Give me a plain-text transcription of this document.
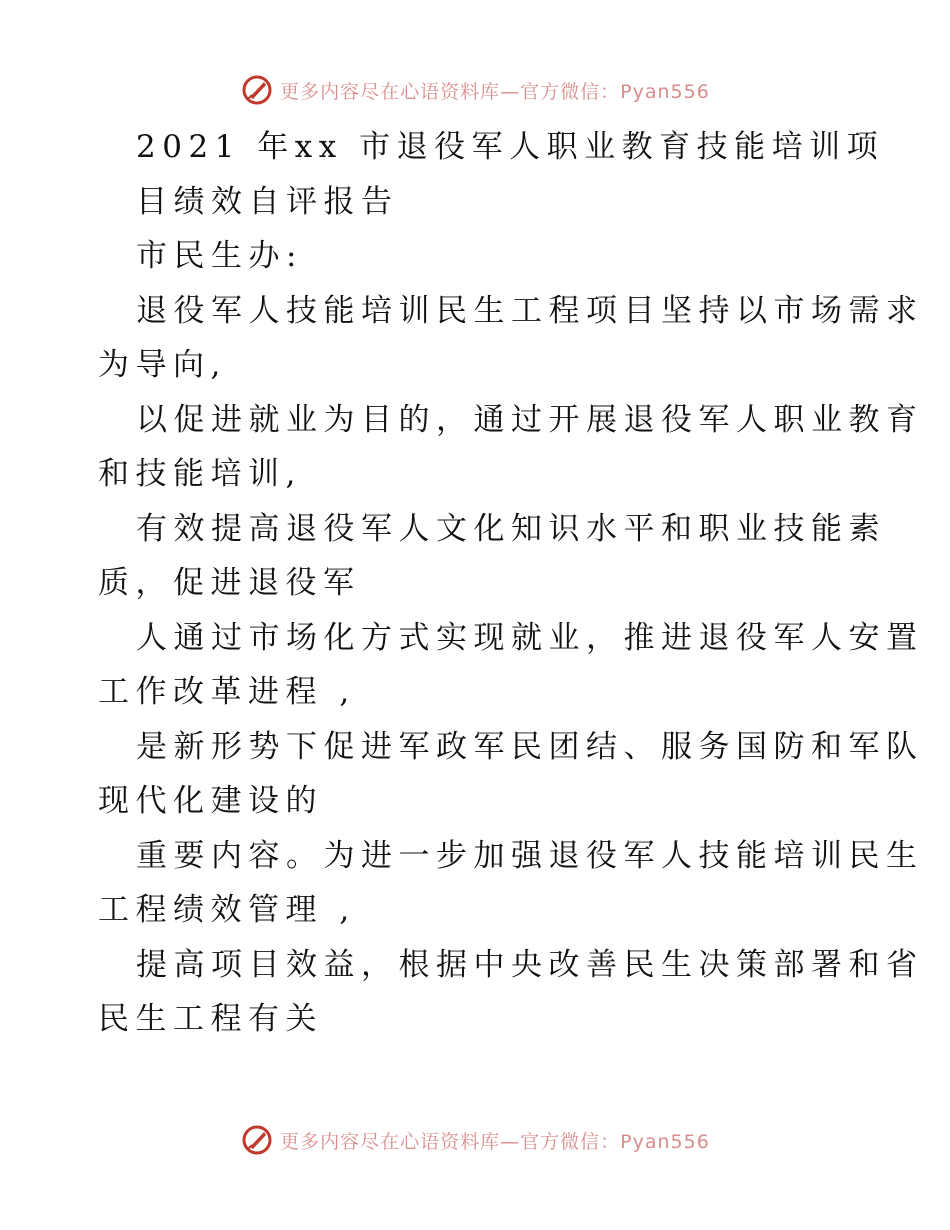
更多内容尽在心语资料库—官方微信：Pyan556
2021 年xx 市退役军人职业教育技能培训项
目绩效自评报告
市民生办:
退役军人技能培训民生工程项目坚持以市场需求
为导向,
以促进就业为目的，通过开展退役军人职业教育
和技能培训,
有效提高退役军人文化知识水平和职业技能素
质，促进退役军
人通过市场化方式实现就业，推进退役军人安置
工作改革进程 ,
是新形势下促进军政军民团结、服务国防和军队
现代化建设的
重要内容。为进一步加强退役军人技能培训民生
工程绩效管理 ,
提高项目效益，根据中央改善民生决策部署和省
民生工程有关
更多内容尽在心语资料库—官方微信：Pyan556
